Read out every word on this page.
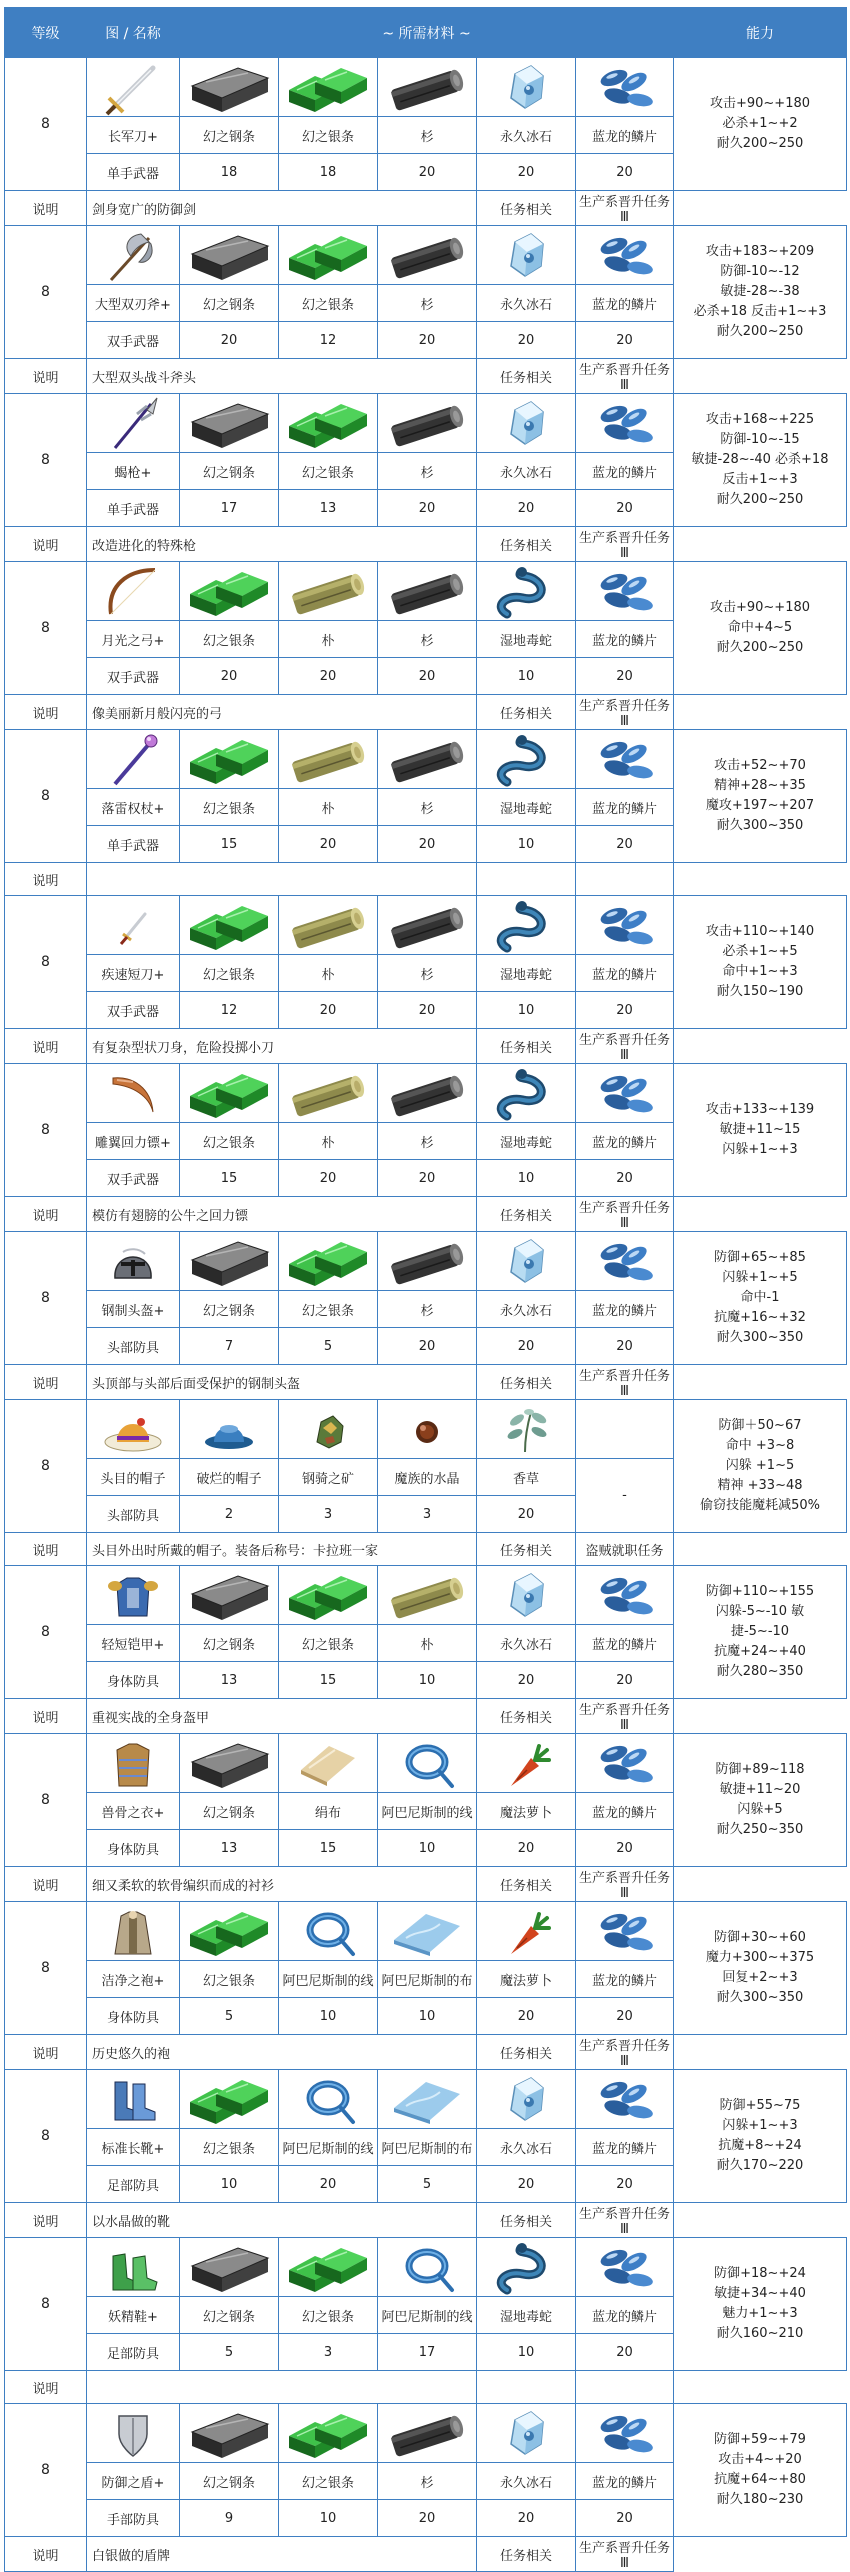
等级	图 / 名称	~ 所需材料 ~					能力
8							攻击+90~+180
必杀+1~+2
耐久200~250

	长军刀+	幻之钢条	幻之银条	杉	永久冰石	蓝龙的鳞片	
	单手武器	18	18	20	20	20	
说明	剑身宽广的防御剑				任务相关	生产系晋升任务Ⅲ	
8							攻击+183~+209
防御-10~-12
敏捷-28~-38
必杀+18 反击+1~+3
耐久200~250

	大型双刃斧+	幻之钢条	幻之银条	杉	永久冰石	蓝龙的鳞片	
	双手武器	20	12	20	20	20	
说明	大型双头战斗斧头				任务相关	生产系晋升任务Ⅲ	
8							攻击+168~+225
防御-10~-15
敏捷-28~-40 必杀+18
反击+1~+3
耐久200~250

	蝎枪+	幻之钢条	幻之银条	杉	永久冰石	蓝龙的鳞片	
	单手武器	17	13	20	20	20	
说明	改造进化的特殊枪				任务相关	生产系晋升任务Ⅲ	
8							攻击+90~+180
命中+4~5
耐久200~250

	月光之弓+	幻之银条	朴	杉	湿地毒蛇	蓝龙的鳞片	
	双手武器	20	20	20	10	20	
说明	像美丽新月般闪亮的弓				任务相关	生产系晋升任务Ⅲ	
8							攻击+52~+70
精神+28~+35
魔攻+197~+207
耐久300~350

	落雷权杖+	幻之银条	朴	杉	湿地毒蛇	蓝龙的鳞片	
	单手武器	15	20	20	10	20	
说明							
8							攻击+110~+140
必杀+1~+5
命中+1~+3
耐久150~190

	疾速短刀+	幻之银条	朴	杉	湿地毒蛇	蓝龙的鳞片	
	双手武器	12	20	20	10	20	
说明	有复杂型状刀身，危险投掷小刀				任务相关	生产系晋升任务Ⅲ	
8							攻击+133~+139
敏捷+11~15
闪躲+1~+3

	雕翼回力镖+	幻之银条	朴	杉	湿地毒蛇	蓝龙的鳞片	
	双手武器	15	20	20	10	20	
说明	模仿有翅膀的公牛之回力镖				任务相关	生产系晋升任务Ⅲ	
8							防御+65~+85
闪躲+1~+5
命中-1
抗魔+16~+32
耐久300~350

	钢制头盔+	幻之钢条	幻之银条	杉	永久冰石	蓝龙的鳞片	
	头部防具	7	5	20	20	20	
说明	头顶部与头部后面受保护的钢制头盔				任务相关	生产系晋升任务Ⅲ	
8							防御＋50~67
命中 +3~8
闪躲 +1~5
精神 +33~48
偷窃技能魔耗减50%

	头目的帽子	破烂的帽子	钢骑之矿	魔族的水晶	香草	-	
	头部防具	2	3	3	20		
说明	头目外出时所戴的帽子。装备后称号：卡拉班一家				任务相关	盗贼就职任务	
8							防御+110~+155
闪躲-5~-10 敏
捷-5~-10
抗魔+24~+40
耐久280~350

	轻短铠甲+	幻之钢条	幻之银条	朴	永久冰石	蓝龙的鳞片	
	身体防具	13	15	10	20	20	
说明	重视实战的全身盔甲				任务相关	生产系晋升任务Ⅲ	
8							防御+89~118
敏捷+11~20
闪躲+5
耐久250~350

	兽骨之衣+	幻之钢条	绢布	阿巴尼斯制的线	魔法萝卜	蓝龙的鳞片	
	身体防具	13	15	10	20	20	
说明	细又柔软的软骨编织而成的衬衫				任务相关	生产系晋升任务Ⅲ	
8							防御+30~+60
魔力+300~+375
回复+2~+3
耐久300~350

	洁净之袍+	幻之银条	阿巴尼斯制的线	阿巴尼斯制的布	魔法萝卜	蓝龙的鳞片	
	身体防具	5	10	10	20	20	
说明	历史悠久的袍				任务相关	生产系晋升任务Ⅲ	
8							防御+55~75
闪躲+1~+3
抗魔+8~+24
耐久170~220

	标准长靴+	幻之银条	阿巴尼斯制的线	阿巴尼斯制的布	永久冰石	蓝龙的鳞片	
	足部防具	10	20	5	20	20	
说明	以水晶做的靴				任务相关	生产系晋升任务Ⅲ	
8							防御+18~+24
敏捷+34~+40
魅力+1~+3
耐久160~210

	妖精鞋+	幻之钢条	幻之银条	阿巴尼斯制的线	湿地毒蛇	蓝龙的鳞片	
	足部防具	5	3	17	10	20	
说明							
8							防御+59~+79
攻击+4~+20
抗魔+64~+80
耐久180~230

	防御之盾+	幻之钢条	幻之银条	杉	永久冰石	蓝龙的鳞片	
	手部防具	9	10	20	20	20	
说明	白银做的盾牌				任务相关	生产系晋升任务Ⅲ	
